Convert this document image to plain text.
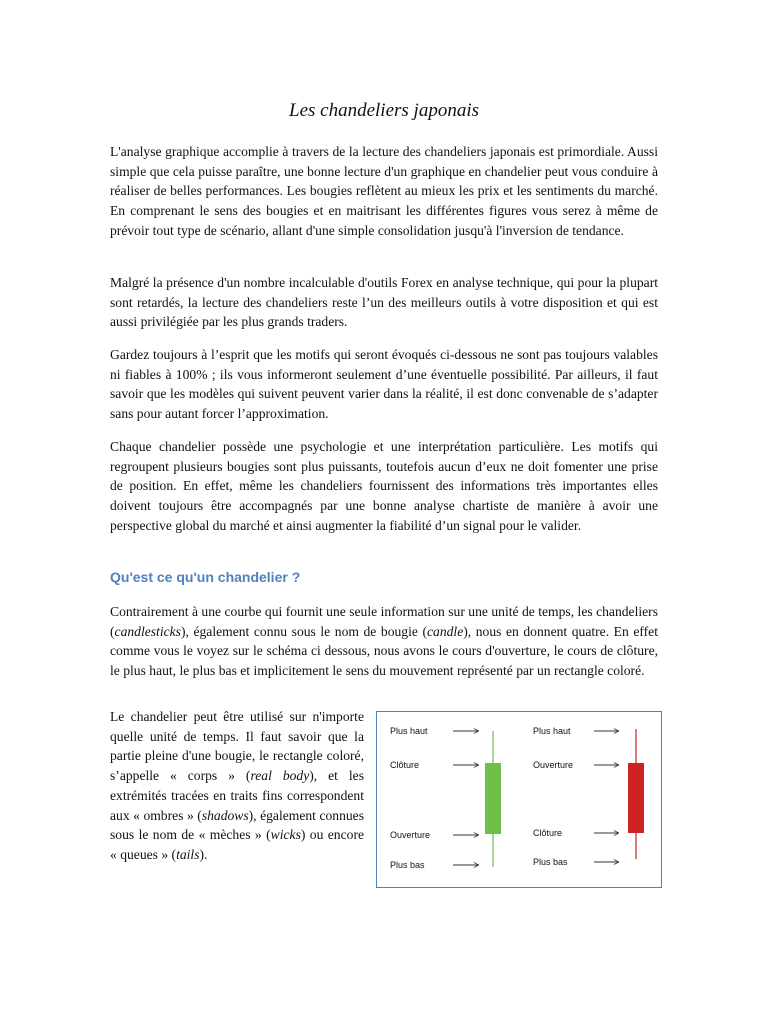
Les chandeliers japonais

L'analyse graphique accomplie à travers de la lecture des chandeliers japonais est primordiale. Aussi simple que cela puisse paraître, une bonne lecture d'un graphique en chandelier peut vous conduire à réaliser de belles performances. Les bougies reflètent au mieux les prix et les sentiments du marché. En comprenant le sens des bougies et en maitrisant les différentes figures vous serez à même de prévoir tout type de scénario, allant d'une simple consolidation jusqu'à l'inversion de tendance.

Malgré la présence d'un nombre incalculable d'outils Forex en analyse technique, qui pour la plupart sont retardés, la lecture des chandeliers reste l’un des meilleurs outils à votre disposition et qui est aussi privilégiée par les plus grands traders.

Gardez toujours à l’esprit que les motifs qui seront évoqués ci-dessous ne sont pas toujours valables ni fiables à 100% ; ils vous informeront seulement d’une éventuelle possibilité. Par ailleurs, il faut savoir que les modèles qui suivent peuvent varier dans la réalité, il est donc convenable de s’adapter sans pour autant forcer l’approximation.

Chaque chandelier possède une psychologie et une interprétation particulière. Les motifs qui regroupent plusieurs bougies sont plus puissants, toutefois aucun d’eux ne doit fomenter une prise de position. En effet, même les chandeliers fournissent des informations très importantes elles doivent toujours être accompagnés par une bonne analyse chartiste de manière à avoir une perspective global du marché et ainsi augmenter la fiabilité d’un signal pour le valider.

Qu'est ce qu'un chandelier ?

Contrairement à une courbe qui fournit une seule information sur une unité de temps, les chandeliers (candlesticks), également connu sous le nom de bougie (candle), nous en donnent quatre. En effet comme vous le voyez sur le schéma ci dessous, nous avons le cours d'ouverture, le cours de clôture, le plus haut, le plus bas et implicitement le sens du mouvement représenté par un rectangle coloré.

Le chandelier peut être utilisé sur n'importe quelle unité de temps. Il faut savoir que la partie pleine d'une bougie, le rectangle coloré, s’appelle « corps » (real body), et les extrémités tracées en traits fins correspondent aux « ombres » (shadows), également connues sous le nom de « mèches » (wicks) ou encore « queues » (tails).

Plus haut
Clôture
Ouverture
Plus bas
Plus haut
Ouverture
Clôture
Plus bas
